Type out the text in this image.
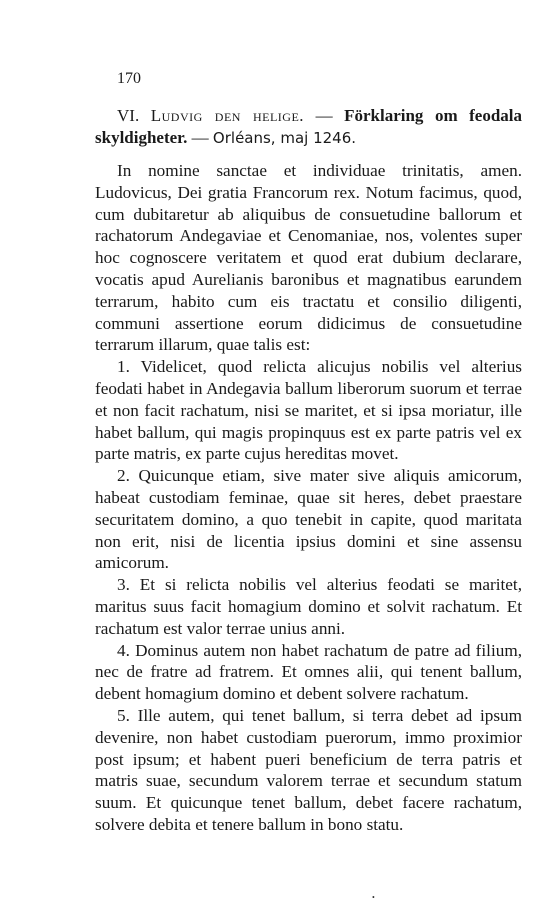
170
VI. Ludvig den helige. — Förklaring om feodala skyldigheter. — Orléans, maj 1246.

In nomine sanctae et individuae trinitatis, amen. Ludovicus, Dei gratia Francorum rex. Notum facimus, quod, cum dubitaretur ab aliquibus de consuetudine ballorum et rachatorum Andegaviae et Cenomaniae, nos, volentes super hoc cognoscere veritatem et quod erat dubium declarare, vocatis apud Aurelianis baronibus et magnatibus earundem terrarum, habito cum eis tractatu et consilio diligenti, communi assertione eorum didicimus de consuetudine terrarum illarum, quae talis est:

1. Videlicet, quod relicta alicujus nobilis vel alterius feodati habet in Andegavia ballum liberorum suorum et terrae et non facit rachatum, nisi se maritet, et si ipsa moriatur, ille habet ballum, qui magis propinquus est ex parte patris vel ex parte matris, ex parte cujus hereditas movet.

2. Quicunque etiam, sive mater sive aliquis amicorum, habeat custodiam feminae, quae sit heres, debet praestare securitatem domino, a quo tenebit in capite, quod maritata non erit, nisi de licentia ipsius domini et sine assensu amicorum.

3. Et si relicta nobilis vel alterius feodati se maritet, maritus suus facit homagium domino et solvit rachatum. Et rachatum est valor terrae unius anni.

4. Dominus autem non habet rachatum de patre ad filium, nec de fratre ad fratrem. Et omnes alii, qui tenent ballum, debent homagium domino et debent solvere rachatum.

5. Ille autem, qui tenet ballum, si terra debet ad ipsum devenire, non habet custodiam puerorum, immo proximior post ipsum; et habent pueri beneficium de terra patris et matris suae, secundum valorem terrae et secundum statum suum. Et quicunque tenet ballum, debet facere rachatum, solvere debita et tenere ballum in bono statu.

•
